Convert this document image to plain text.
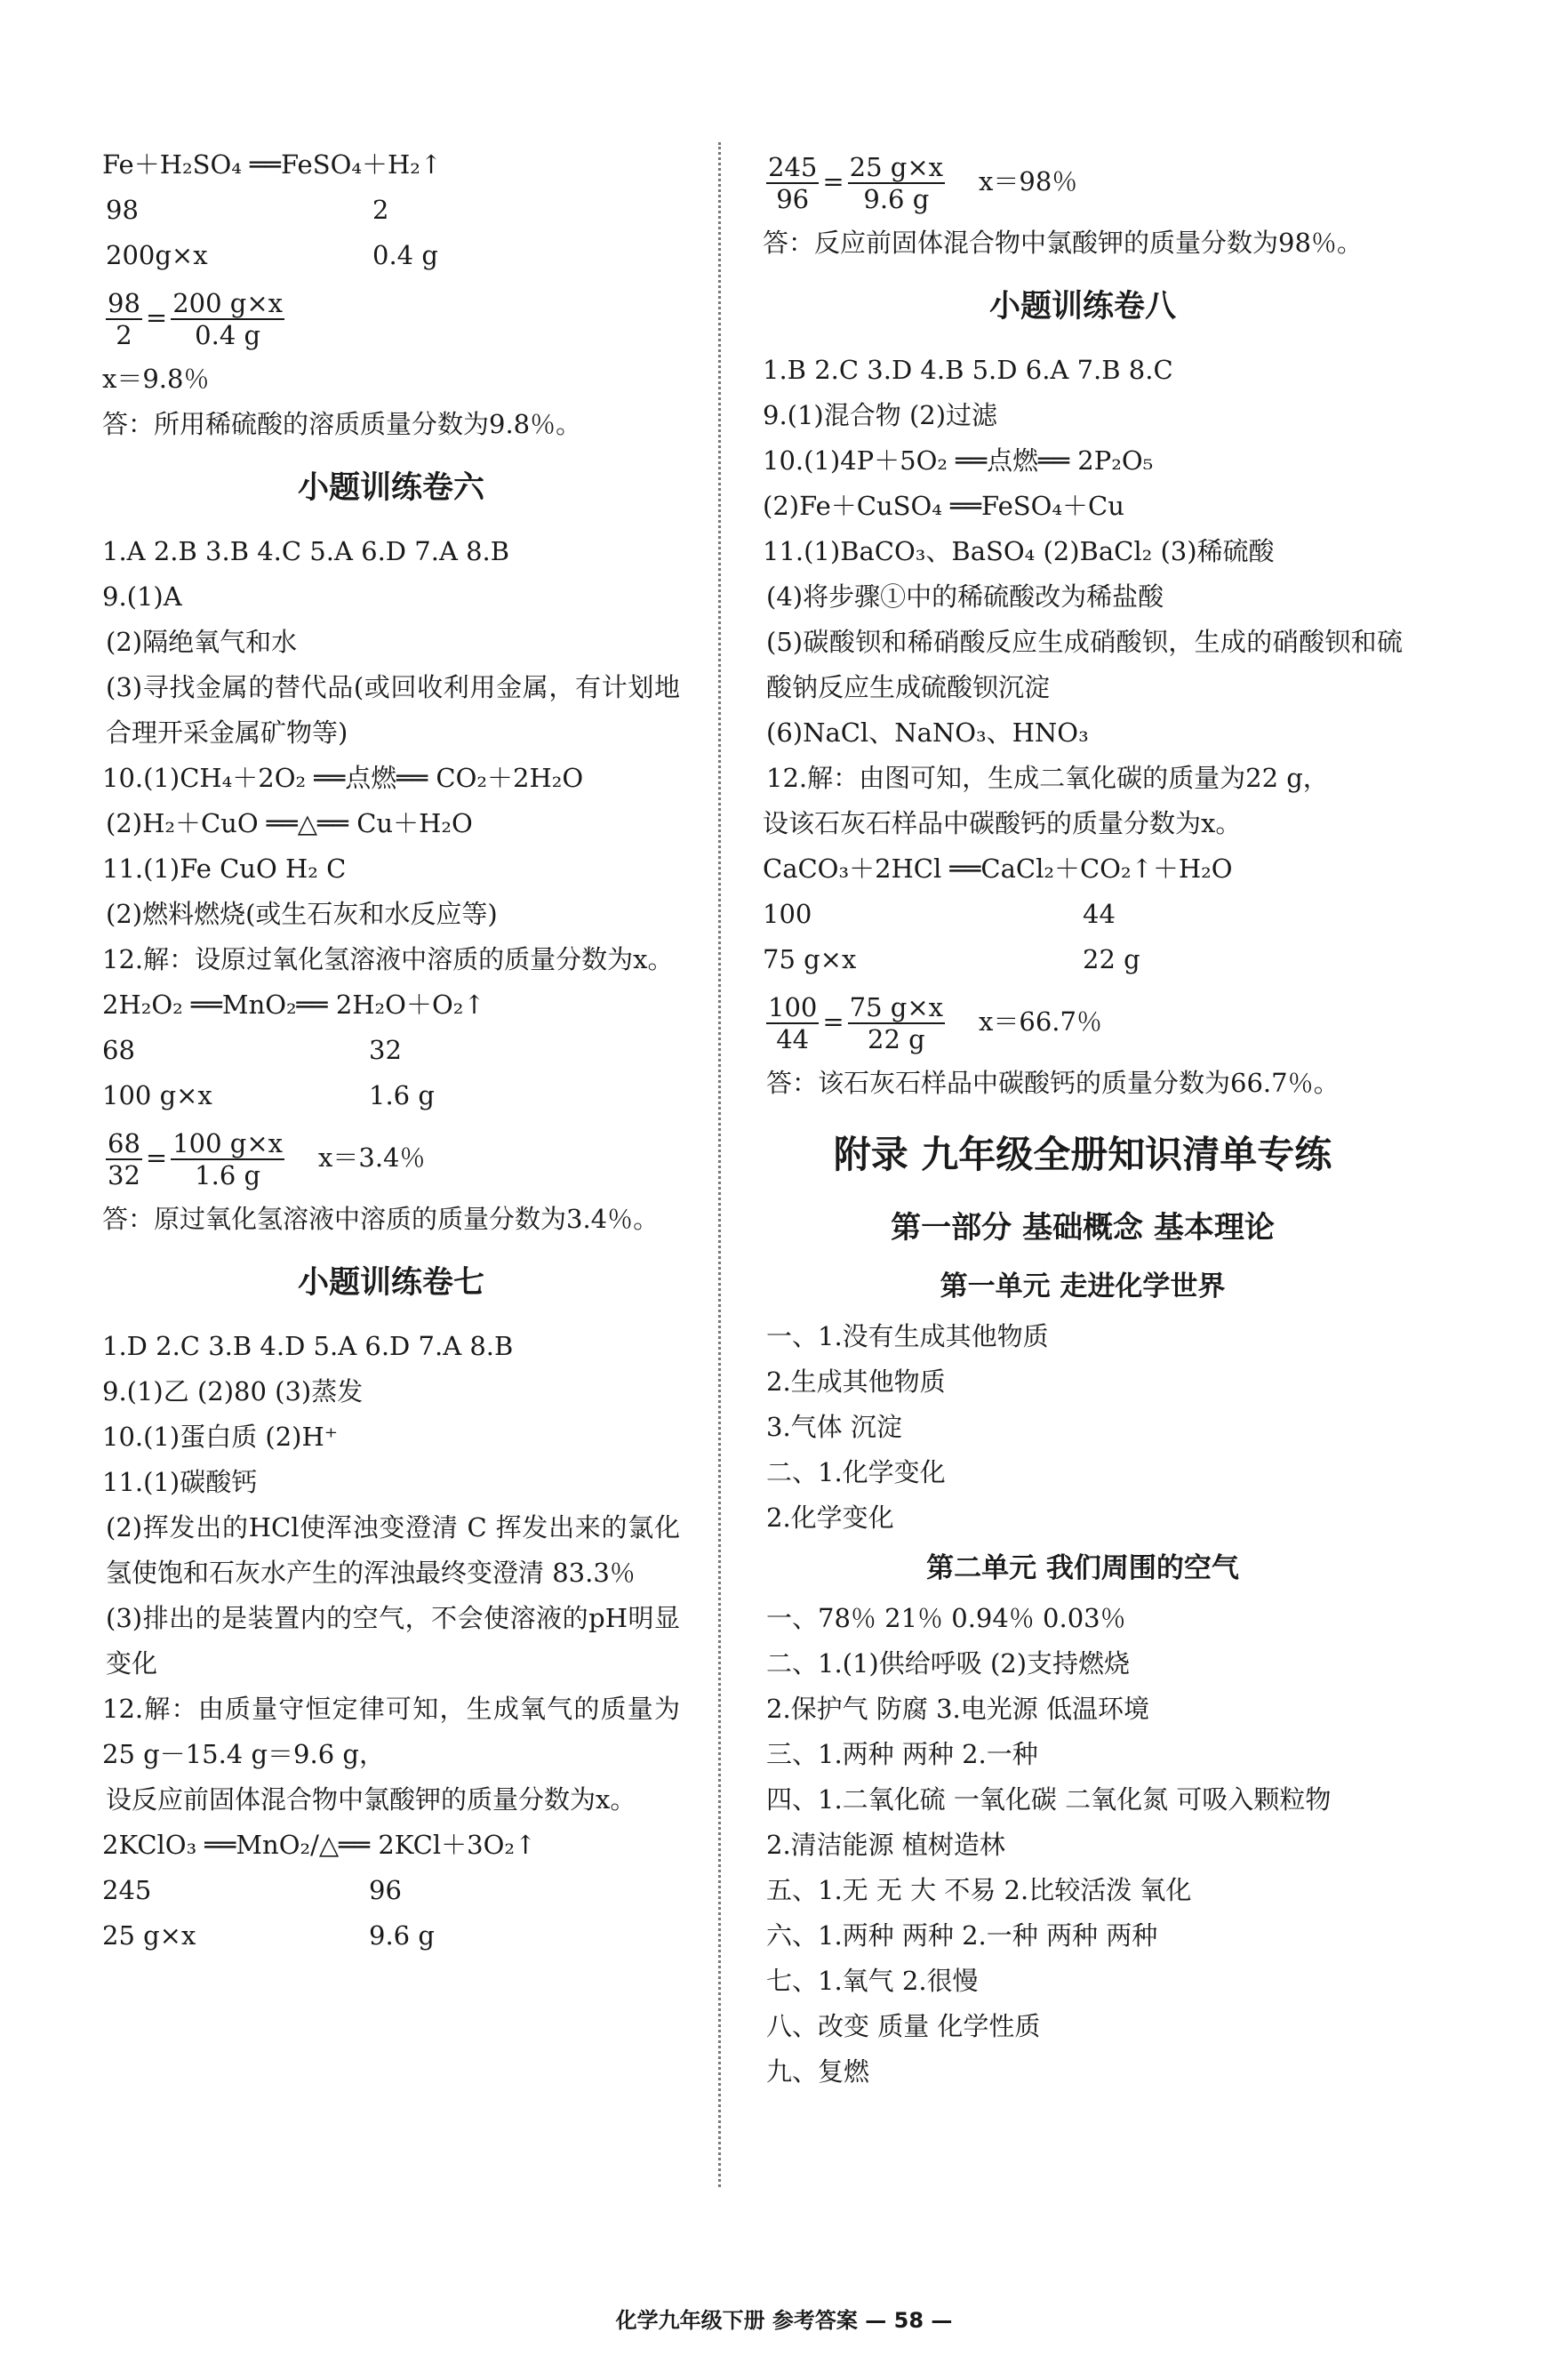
Fe＋H₂SO₄ ══FeSO₄＋H₂↑
98	2
200g×x	0.4 g
$\frac{98}{2} = \frac{200 g\times x}{0.4 g}$
x＝9.8％
答：所用稀硫酸的溶质质量分数为9.8％。
小题训练卷六
1.A 2.B 3.B 4.C 5.A 6.D 7.A 8.B
9.(1)A
(2)隔绝氧气和水
(3)寻找金属的替代品(或回收利用金属，有计划地合理开采金属矿物等)
10.(1)CH₄＋2O₂ ══点燃══ CO₂＋2H₂O
(2)H₂＋CuO ══△══ Cu＋H₂O
11.(1)Fe CuO H₂ C
(2)燃料燃烧(或生石灰和水反应等)
12.解：设原过氧化氢溶液中溶质的质量分数为x。
2H₂O₂ ══MnO₂══ 2H₂O＋O₂↑
68	32
100 g×x	1.6 g
$\frac{68}{32} = \frac{100 g\times x}{1.6 g} x=3.4$％
答：原过氧化氢溶液中溶质的质量分数为3.4％。
小题训练卷七
1.D 2.C 3.B 4.D 5.A 6.D 7.A 8.B
9.(1)乙 (2)80 (3)蒸发
10.(1)蛋白质 (2)H⁺
11.(1)碳酸钙
(2)挥发出的HCl使浑浊变澄清 C 挥发出来的氯化氢使饱和石灰水产生的浑浊最终变澄清 83.3％
(3)排出的是装置内的空气，不会使溶液的pH明显变化
12.解：由质量守恒定律可知，生成氧气的质量为25 g－15.4 g＝9.6 g，
设反应前固体混合物中氯酸钾的质量分数为x。
2KClO₃ ══MnO₂/△══ 2KCl＋3O₂↑
245	96
25 g×x	9.6 g
$\frac{245}{96} = \frac{25 g\times x}{9.6 g} x=98$％
答：反应前固体混合物中氯酸钾的质量分数为98％。
小题训练卷八
1.B 2.C 3.D 4.B 5.D 6.A 7.B 8.C
9.(1)混合物 (2)过滤
10.(1)4P＋5O₂ ══点燃══ 2P₂O₅
(2)Fe＋CuSO₄ ══FeSO₄＋Cu
11.(1)BaCO₃、BaSO₄ (2)BaCl₂ (3)稀硫酸
(4)将步骤①中的稀硫酸改为稀盐酸
(5)碳酸钡和稀硝酸反应生成硝酸钡，生成的硝酸钡和硫酸钠反应生成硫酸钡沉淀
(6)NaCl、NaNO₃、HNO₃
12.解：由图可知，生成二氧化碳的质量为22 g，
设该石灰石样品中碳酸钙的质量分数为x。
CaCO₃＋2HCl ══CaCl₂＋CO₂↑＋H₂O
100	44
75 g×x	22 g
$\frac{100}{44} = \frac{75 g\times x}{22 g} x=66.7$％
答：该石灰石样品中碳酸钙的质量分数为66.7％。
附录 九年级全册知识清单专练
第一部分 基础概念 基本理论
第一单元 走进化学世界
一、1.没有生成其他物质
2.生成其他物质
3.气体 沉淀
二、1.化学变化
2.化学变化
第二单元 我们周围的空气
一、78％ 21％ 0.94％ 0.03％
二、1.(1)供给呼吸 (2)支持燃烧
2.保护气 防腐 3.电光源 低温环境
三、1.两种 两种 2.一种
四、1.二氧化硫 一氧化碳 二氧化氮 可吸入颗粒物
2.清洁能源 植树造林
五、1.无 无 大 不易 2.比较活泼 氧化
六、1.两种 两种 2.一种 两种 两种
七、1.氧气 2.很慢
八、改变 质量 化学性质
九、复燃
化学九年级下册 参考答案 — 58 —
